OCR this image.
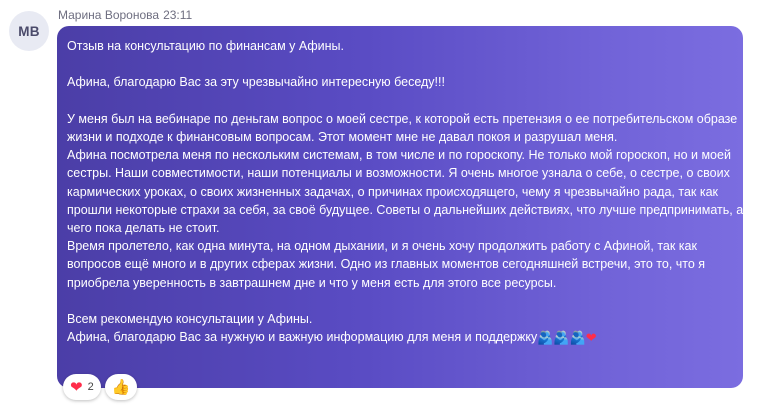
МВ
Марина Воронова 23:11

Отзыв на консультацию по финансам у Афины.

Афина, благодарю Вас за эту чрезвычайно интересную беседу!!!

У меня был на вебинаре по деньгам вопрос о моей сестре, к которой есть претензия о ее потребительском образе

жизни и подходе к финансовым вопросам. Этот момент мне не давал покоя и разрушал меня.

Афина посмотрела меня по нескольким системам, в том числе и по гороскопу. Не только мой гороскоп, но и моей

сестры. Наши совместимости, наши потенциалы и возможности. Я очень многое узнала о себе, о сестре, о своих

кармических уроках, о своих жизненных задачах, о причинах происходящего, чему я чрезвычайно рада, так как

прошли некоторые страхи за себя, за своё будущее. Советы о дальнейших действиях, что лучше предпринимать, а

чего пока делать не стоит.

Время пролетело, как одна минута, на одном дыхании, и я очень хочу продолжить работу с Афиной, так как

вопросов ещё много и в других сферах жизни. Одно из главных моментов сегодняшней встречи, это то, что я

приобрела уверенность в завтрашнем дне и что у меня есть для этого все ресурсы.

Всем рекомендую консультации у Афины.

Афина, благодарю Вас за нужную и важную информацию для меня и поддержку🫂🫂🫂❤

❤ 2 👍
